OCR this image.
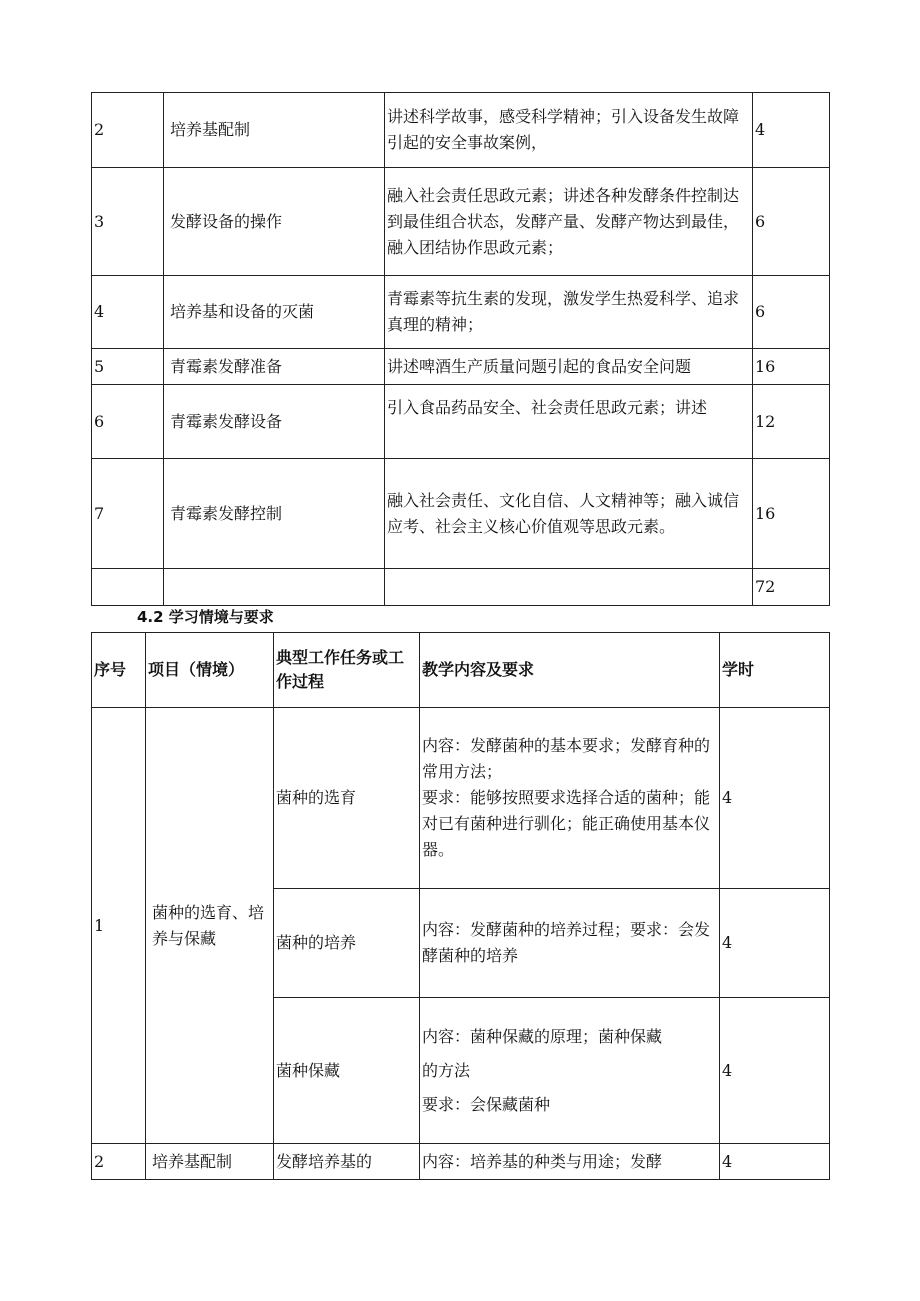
2	培养基配制	讲述科学故事，感受科学精神；引入设备发生故障引起的安全事故案例，	4
3	发酵设备的操作	融入社会责任思政元素；讲述各种发酵条件控制达到最佳组合状态，发酵产量、发酵产物达到最佳，融入团结协作思政元素；	6
4	培养基和设备的灭菌	青霉素等抗生素的发现，激发学生热爱科学、追求真理的精神；	6
5	青霉素发酵准备	讲述啤酒生产质量问题引起的食品安全问题	16
6	青霉素发酵设备	引入食品药品安全、社会责任思政元素；讲述	12
7	青霉素发酵控制	融入社会责任、文化自信、人文精神等；融入诚信应考、社会主义核心价值观等思政元素。	16
			72
4.2 学习情境与要求
序号	项目（情境）	典型工作任务或工作过程	教学内容及要求	学时
1	菌种的选育、培养与保藏	菌种的选育	内容：发酵菌种的基本要求；发酵育种的常用方法；
要求：能够按照要求选择合适的菌种；能对已有菌种进行驯化；能正确使用基本仪器。	4
		菌种的培养	内容：发酵菌种的培养过程；要求：会发酵菌种的培养	4
		菌种保藏	内容：菌种保藏的原理；菌种保藏
的方法
要求：会保藏菌种	4
2	培养基配制	发酵培养基的	内容：培养基的种类与用途；发酵	4
